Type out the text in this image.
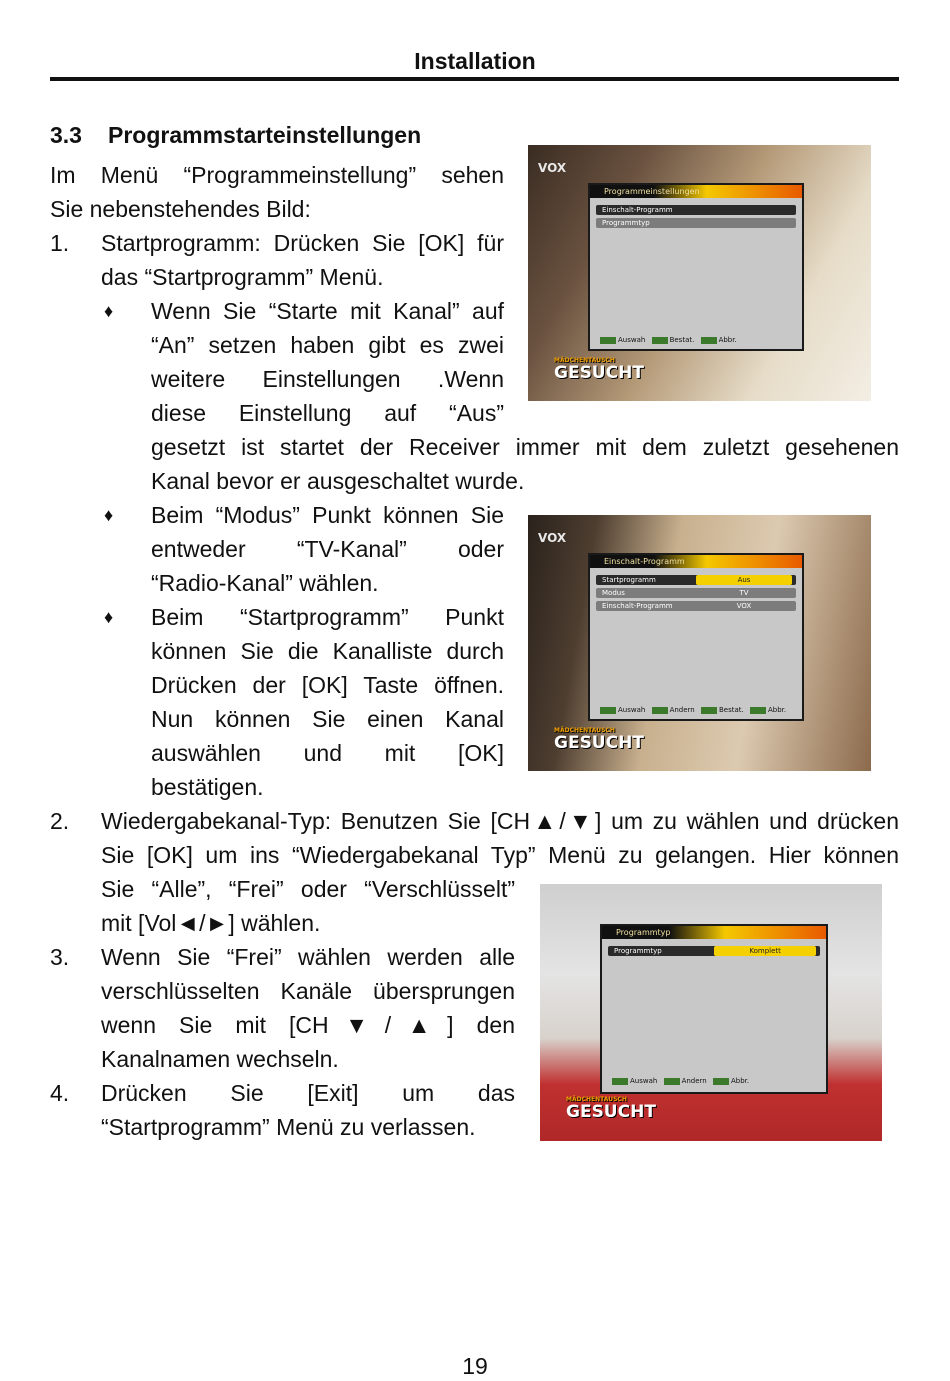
Installation
3.3 Programmstarteinstellungen
Im Menü “Programmeinstellung” sehen
Sie nebenstehendes Bild:
1. Startprogramm: Drücken Sie [OK] für
das “Startprogramm” Menü.
♦ Wenn Sie “Starte mit Kanal” auf
“An” setzen haben gibt es zwei
weitere Einstellungen .Wenn
diese Einstellung auf “Aus”
gesetzt ist startet der Receiver immer mit dem zuletzt gesehenen
Kanal bevor er ausgeschaltet wurde.
♦ Beim “Modus” Punkt können Sie
entweder “TV-Kanal” oder
“Radio-Kanal” wählen.
♦ Beim “Startprogramm” Punkt
können Sie die Kanalliste durch
Drücken der [OK] Taste öffnen.
Nun können Sie einen Kanal
auswählen und mit [OK]
bestätigen.
2. Wiedergabekanal-Typ: Benutzen Sie [CH▲/▼] um zu wählen und drücken
Sie [OK] um ins “Wiedergabekanal Typ” Menü zu gelangen. Hier können
Sie “Alle”, “Frei” oder “Verschlüsselt”
mit [Vol◄/►] wählen.
3. Wenn Sie “Frei” wählen werden alle
verschlüsselten Kanäle übersprungen
wenn Sie mit [CH▼/▲] den
Kanalnamen wechseln.
4. Drücken Sie [Exit] um das
“Startprogramm” Menü zu verlassen.
VOX
Programmeinstellungen
Einschalt-Programm
Programmtyp
Auswah	Bestat.	Abbr.
MÄDCHENTAUSCH
GESUCHT
VOX
Einschalt-Programm
Startprogramm	Aus
Modus	TV
Einschalt-Programm	VOX
Auswah	Andern	Bestat.	Abbr.
MÄDCHENTAUSCH
GESUCHT
Programmtyp
Programmtyp	Komplett
Auswah	Andern	Abbr.
MÄDCHENTAUSCH
GESUCHT
19
